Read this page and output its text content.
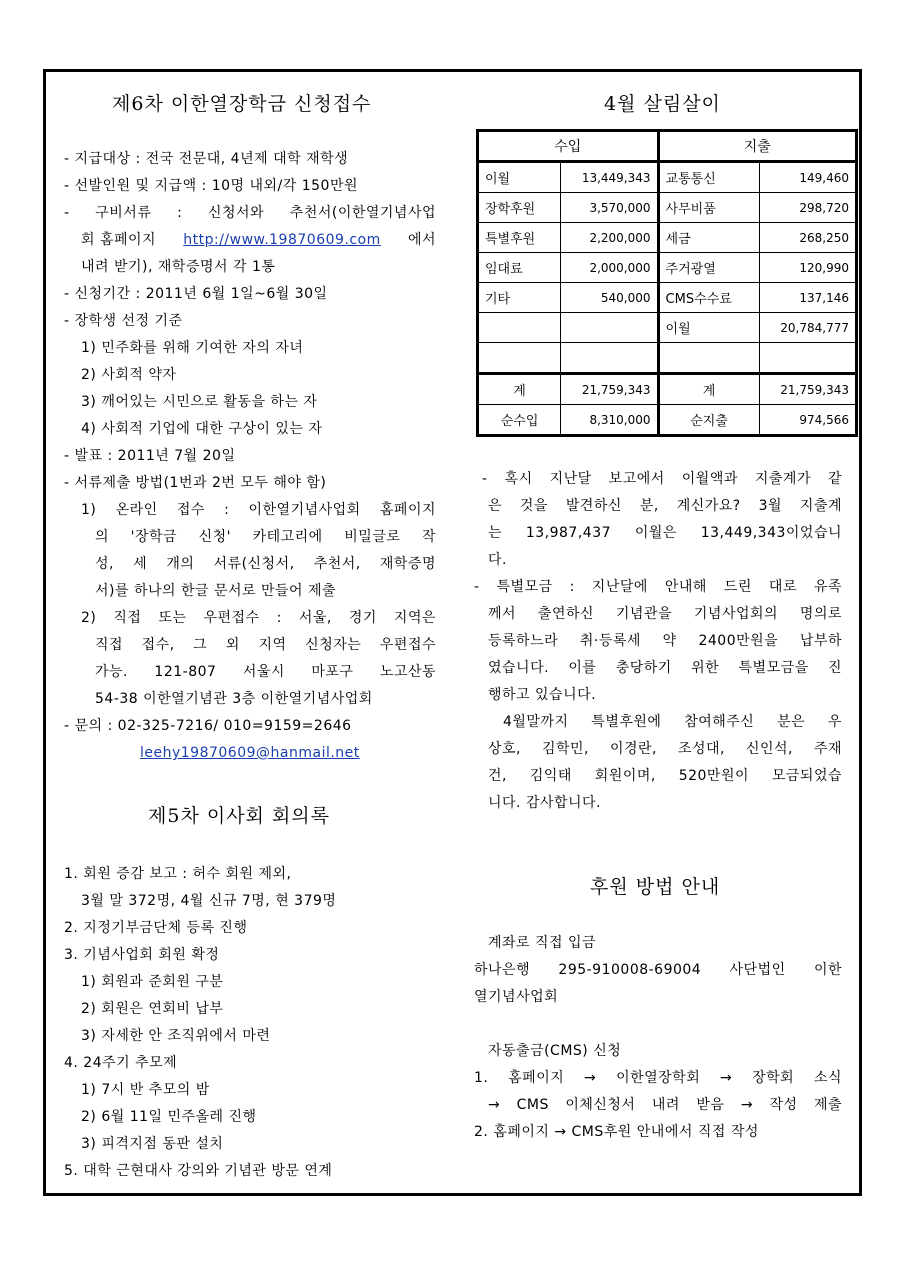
제6차 이한열장학금 신청접수
- 지급대상 : 전국 전문대, 4년제 대학 재학생
- 선발인원 및 지급액 : 10명 내외/각 150만원
- 구비서류 : 신청서와 추천서(이한열기념사업
회 홈페이지 http://www.19870609.com 에서
내려 받기), 재학증명서 각 1통
- 신청기간 : 2011년 6월 1일~6월 30일
- 장학생 선정 기준
1) 민주화를 위해 기여한 자의 자녀
2) 사회적 약자
3) 깨어있는 시민으로 활동을 하는 자
4) 사회적 기업에 대한 구상이 있는 자
- 발표 : 2011년 7월 20일
- 서류제출 방법(1번과 2번 모두 해야 함)
1) 온라인 접수 : 이한열기념사업회 홈페이지
의 '장학금 신청' 카테고리에 비밀글로 작
성, 세 개의 서류(신청서, 추천서, 재학증명
서)를 하나의 한글 문서로 만들어 제출
2) 직접 또는 우편접수 : 서울, 경기 지역은
직접 접수, 그 외 지역 신청자는 우편접수
가능. 121-807 서울시 마포구 노고산동
54-38 이한열기념관 3층 이한열기념사업회
- 문의 : 02-325-7216/ 010=9159=2646
leehy19870609@hanmail.net
제5차 이사회 회의록
1. 회원 증감 보고 : 허수 회원 제외,
3월 말 372명, 4월 신규 7명, 현 379명
2. 지정기부금단체 등록 진행
3. 기념사업회 회원 확정
1) 회원과 준회원 구분
2) 회원은 연회비 납부
3) 자세한 안 조직위에서 마련
4. 24주기 추모제
1) 7시 반 추모의 밤
2) 6월 11일 민주올레 진행
3) 피격지점 동판 설치
5. 대학 근현대사 강의와 기념관 방문 연계
4월 살림살이
수입		지출	
이월	13,449,343	교통통신	149,460
장학후원	3,570,000	사무비품	298,720
특별후원	2,200,000	세금	268,250
임대료	2,000,000	주거광열	120,990
기타	540,000	CMS수수료	137,146
		이월	20,784,777

계	21,759,343	계	21,759,343
순수입	8,310,000	순지출	974,566
- 혹시 지난달 보고에서 이월액과 지출계가 같
은 것을 발견하신 분, 계신가요? 3월 지출계
는 13,987,437 이월은 13,449,343이었습니
다.
- 특별모금 : 지난달에 안내해 드린 대로 유족
께서 출연하신 기념관을 기념사업회의 명의로
등록하느라 취·등록세 약 2400만원을 납부하
였습니다. 이를 충당하기 위한 특별모금을 진
행하고 있습니다.
4월말까지 특별후원에 참여해주신 분은 우
상호, 김학민, 이경란, 조성대, 신인석, 주재
건, 김익태 회원이며, 520만원이 모금되었습
니다. 감사합니다.
후원 방법 안내
계좌로 직접 입금
하나은행 295-910008-69004 사단법인 이한
열기념사업회
자동출금(CMS) 신청
1. 홈페이지 → 이한열장학회 → 장학회 소식
→ CMS 이체신청서 내려 받음 → 작성 제출
2. 홈페이지 → CMS후원 안내에서 직접 작성
